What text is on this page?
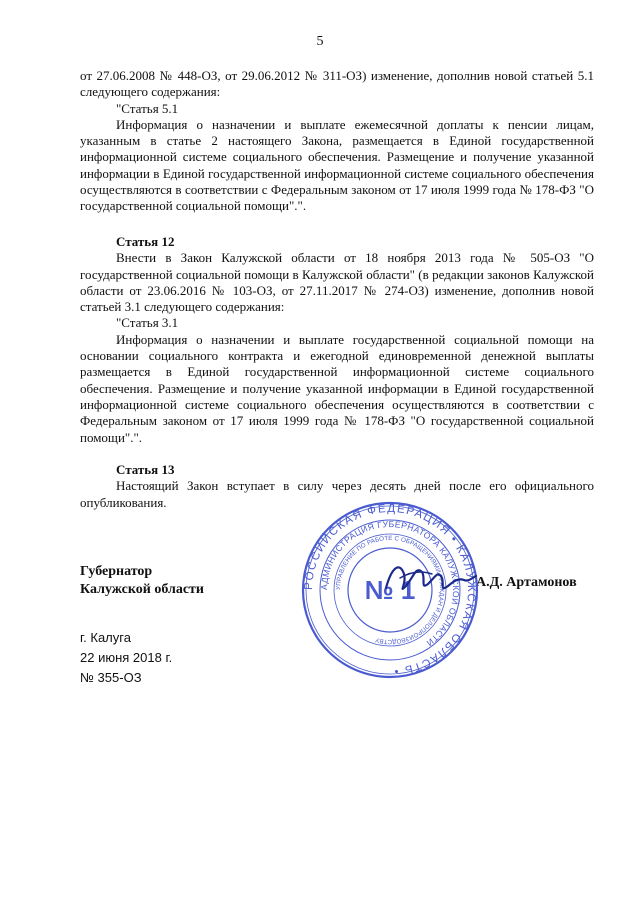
5

от 27.06.2008 № 448-ОЗ, от 29.06.2012 № 311-ОЗ) изменение, дополнив новой статьей 5.1 следующего содержания:

"Статья 5.1

Информация о назначении и выплате ежемесячной доплаты к пенсии лицам, указанным в статье 2 настоящего Закона, размещается в Единой государственной информационной системе социального обеспечения. Размещение и получение указанной информации в Единой государственной информационной системе социального обеспечения осуществляются в соответствии с Федеральным законом от 17 июля 1999 года № 178-ФЗ "О государственной социальной помощи".".

Статья 12

Внести в Закон Калужской области от 18 ноября 2013 года № 505-ОЗ "О государственной социальной помощи в Калужской области" (в редакции законов Калужской области от 23.06.2016 № 103-ОЗ, от 27.11.2017 № 274-ОЗ) изменение, дополнив новой статьей 3.1 следующего содержания:

"Статья 3.1

Информация о назначении и выплате государственной социальной помощи на основании социального контракта и ежегодной единовременной денежной выплаты размещается в Единой государственной информационной системе социального обеспечения. Размещение и получение указанной информации в Единой государственной информационной системе социального обеспечения осуществляются в соответствии с Федеральным законом от 17 июля 1999 года № 178-ФЗ "О государственной социальной помощи".".

Статья 13

Настоящий Закон вступает в силу через десять дней после его официального опубликования.

Губернатор
Калужской области
г. Калуга
22 июня 2018 г.
№ 355-ОЗ
А.Д. Артамонов
РОССИЙСКАЯ ФЕДЕРАЦИЯ • КАЛУЖСКАЯ ОБЛАСТЬ •
АДМИНИСТРАЦИЯ ГУБЕРНАТОРА КАЛУЖСКОЙ ОБЛАСТИ
УПРАВЛЕНИЕ ПО РАБОТЕ С ОБРАЩЕНИЯМИ ГРАЖДАН И ДЕЛОПРОИЗВОДСТВУ
№ 1
